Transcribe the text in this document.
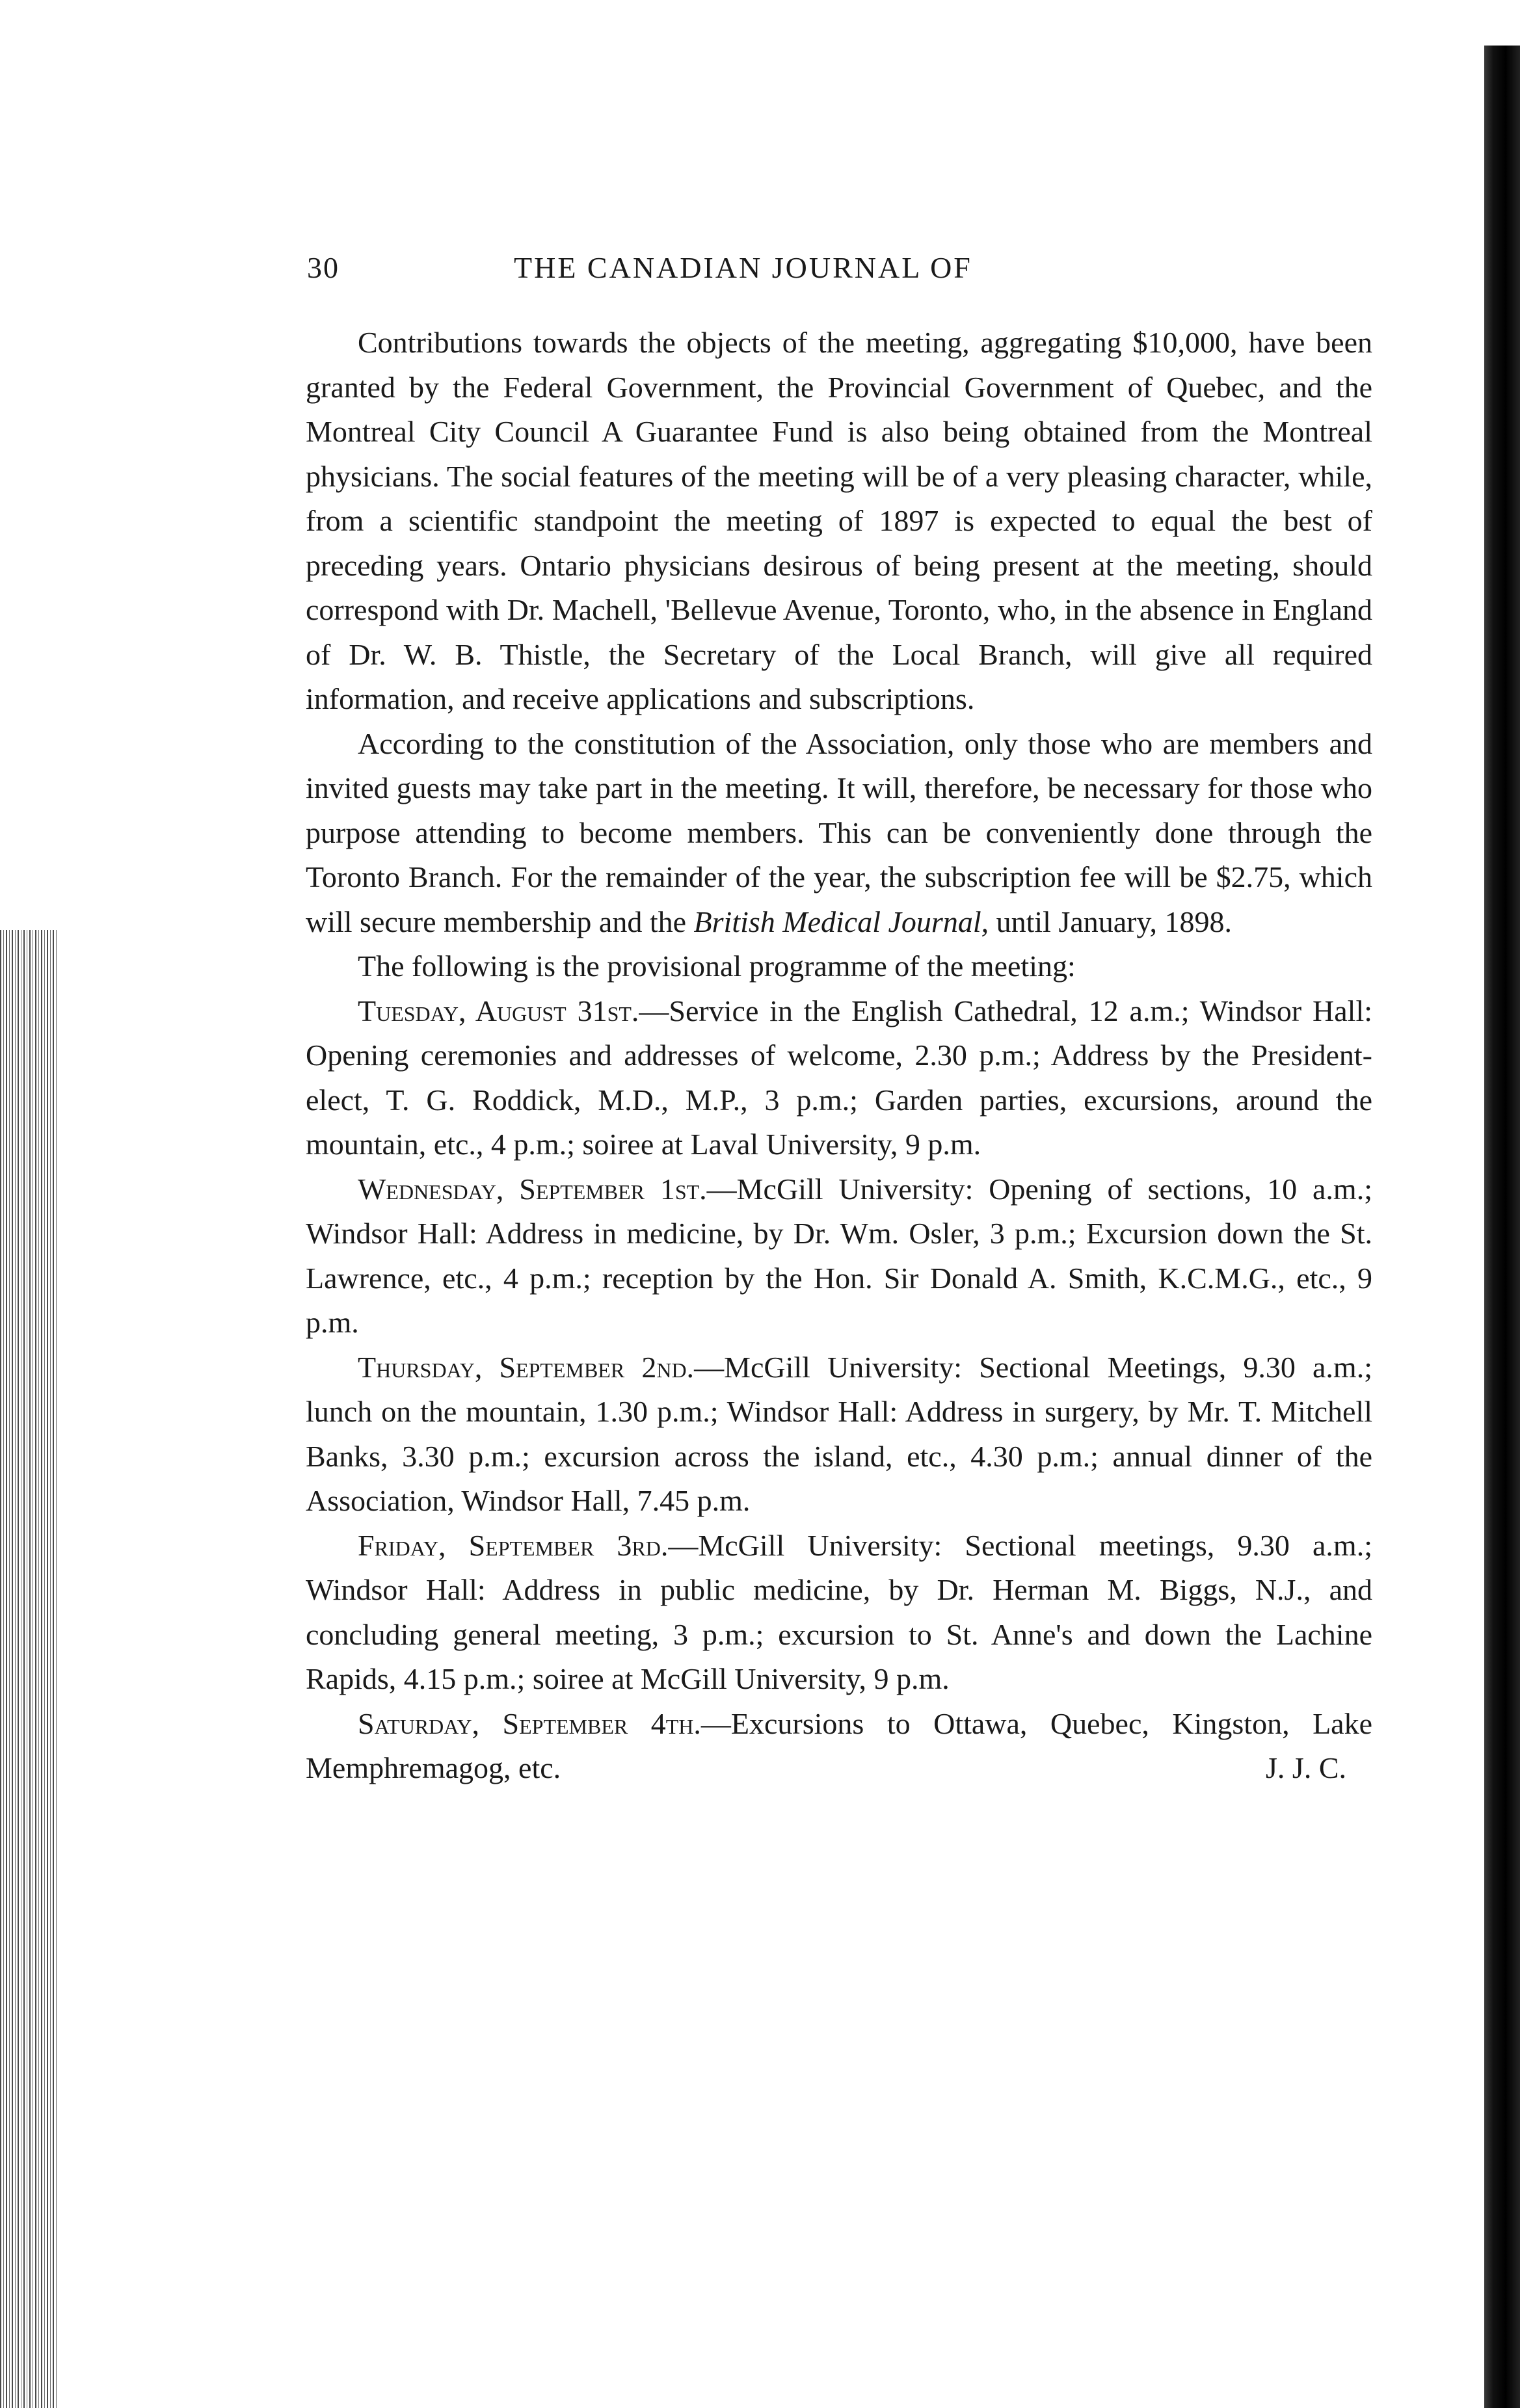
30	THE CANADIAN JOURNAL OF

Contributions towards the objects of the meeting, aggregating $10,000, have been granted by the Federal Government, the Provincial Government of Quebec, and the Montreal City Council A Guarantee Fund is also being obtained from the Montreal physicians. The social features of the meeting will be of a very pleasing character, while, from a scientific standpoint the meeting of 1897 is expected to equal the best of preceding years. Ontario physicians desirous of being present at the meeting, should correspond with Dr. Machell, 'Bellevue Avenue, Toronto, who, in the absence in England of Dr. W. B. Thistle, the Secretary of the Local Branch, will give all required information, and receive applications and subscriptions.

According to the constitution of the Association, only those who are members and invited guests may take part in the meeting. It will, therefore, be necessary for those who purpose attending to become members. This can be conveniently done through the Toronto Branch. For the remainder of the year, the subscription fee will be $2.75, which will secure membership and the British Medical Journal, until January, 1898.

The following is the provisional programme of the meeting:

Tuesday, August 31st.—Service in the English Cathedral, 12 a.m.; Windsor Hall: Opening ceremonies and addresses of welcome, 2.30 p.m.; Address by the President-elect, T. G. Roddick, M.D., M.P., 3 p.m.; Garden parties, excursions, around the mountain, etc., 4 p.m.; soiree at Laval University, 9 p.m.

Wednesday, September 1st.—McGill University: Opening of sections, 10 a.m.; Windsor Hall: Address in medicine, by Dr. Wm. Osler, 3 p.m.; Excursion down the St. Lawrence, etc., 4 p.m.; reception by the Hon. Sir Donald A. Smith, K.C.M.G., etc., 9 p.m.

Thursday, September 2nd.—McGill University: Sectional Meetings, 9.30 a.m.; lunch on the mountain, 1.30 p.m.; Windsor Hall: Address in surgery, by Mr. T. Mitchell Banks, 3.30 p.m.; excursion across the island, etc., 4.30 p.m.; annual dinner of the Association, Windsor Hall, 7.45 p.m.

Friday, September 3rd.—McGill University: Sectional meetings, 9.30 a.m.; Windsor Hall: Address in public medicine, by Dr. Herman M. Biggs, N.J., and concluding general meeting, 3 p.m.; excursion to St. Anne's and down the Lachine Rapids, 4.15 p.m.; soiree at McGill University, 9 p.m.

Saturday, September 4th.—Excursions to Ottawa, Quebec, Kingston, Lake Memphremagog, etc.	J. J. C.
